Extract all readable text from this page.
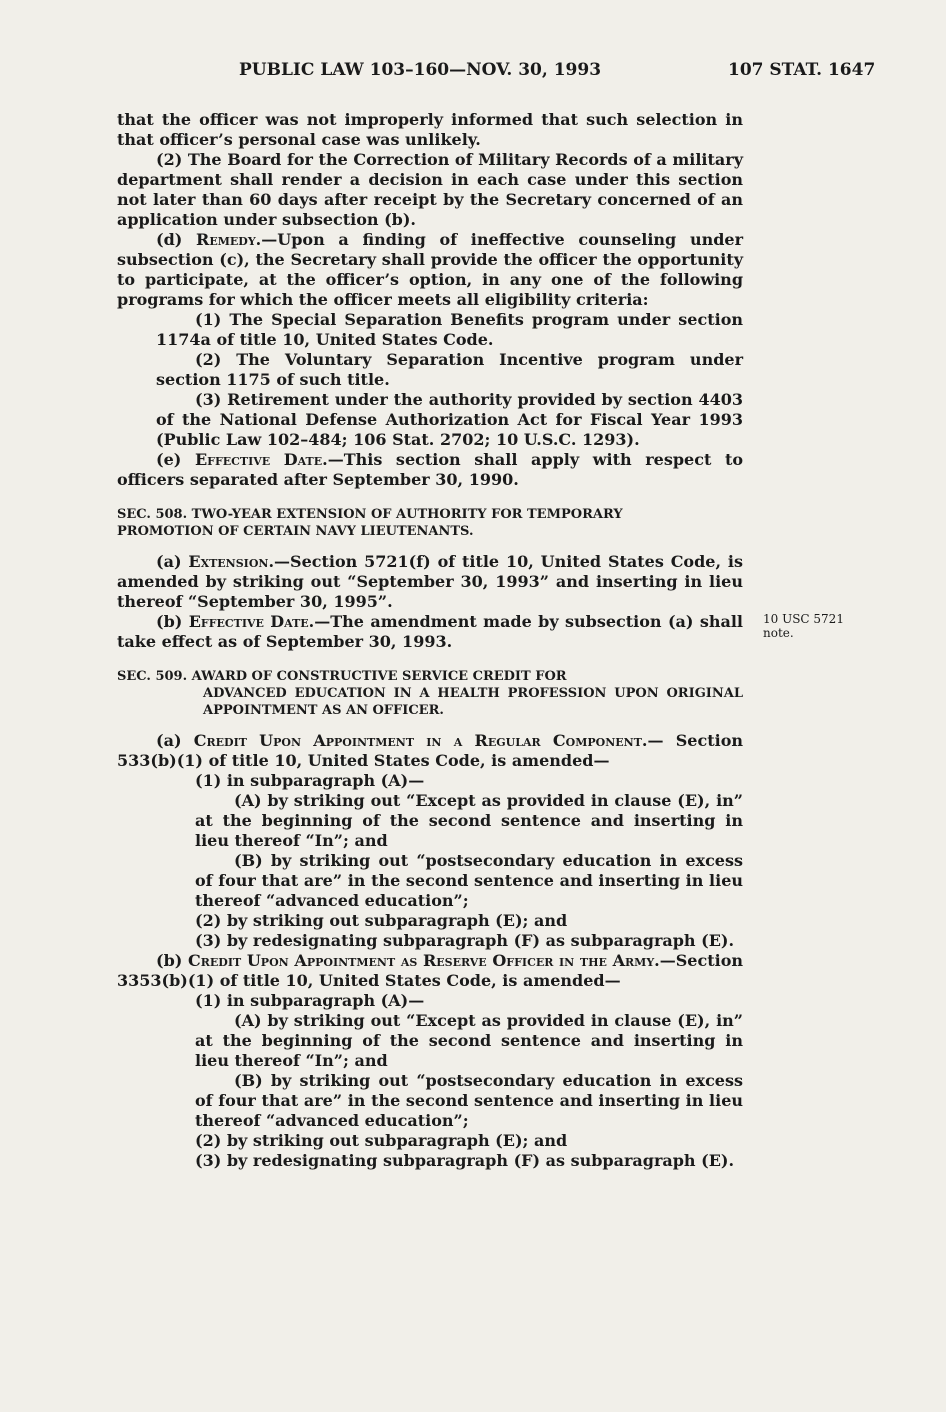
PUBLIC LAW 103–160—NOV. 30, 1993	107 STAT. 1647
10 USC 5721
note.

that the officer was not improperly informed that such selection in that officer’s personal case was unlikely.

(2) The Board for the Correction of Military Records of a military department shall render a decision in each case under this section not later than 60 days after receipt by the Secretary concerned of an application under subsection (b).

(d) Remedy.—Upon a finding of ineffective counseling under subsection (c), the Secretary shall provide the officer the opportunity to participate, at the officer’s option, in any one of the following programs for which the officer meets all eligibility criteria:

(1) The Special Separation Benefits program under section 1174a of title 10, United States Code.

(2) The Voluntary Separation Incentive program under section 1175 of such title.

(3) Retirement under the authority provided by section 4403 of the National Defense Authorization Act for Fiscal Year 1993 (Public Law 102–484; 106 Stat. 2702; 10 U.S.C. 1293).

(e) Effective Date.—This section shall apply with respect to officers separated after September 30, 1990.

SEC. 508. TWO-YEAR EXTENSION OF AUTHORITY FOR TEMPORARY
PROMOTION OF CERTAIN NAVY LIEUTENANTS.

(a) Extension.—Section 5721(f) of title 10, United States Code, is amended by striking out “September 30, 1993” and inserting in lieu thereof “September 30, 1995”.

(b) Effective Date.—The amendment made by subsection (a) shall take effect as of September 30, 1993.

SEC. 509. AWARD OF CONSTRUCTIVE SERVICE CREDIT FOR
ADVANCED EDUCATION IN A HEALTH PROFESSION UPON ORIGINAL APPOINTMENT AS AN OFFICER.

(a) Credit Upon Appointment in a Regular Component.— Section 533(b)(1) of title 10, United States Code, is amended—

(1) in subparagraph (A)—

(A) by striking out “Except as provided in clause (E), in” at the beginning of the second sentence and inserting in lieu thereof “In”; and

(B) by striking out “postsecondary education in excess of four that are” in the second sentence and inserting in lieu thereof “advanced education”;

(2) by striking out subparagraph (E); and

(3) by redesignating subparagraph (F) as subparagraph (E).

(b) Credit Upon Appointment as Reserve Officer in the Army.—Section 3353(b)(1) of title 10, United States Code, is amended—

(1) in subparagraph (A)—

(A) by striking out “Except as provided in clause (E), in” at the beginning of the second sentence and inserting in lieu thereof “In”; and

(B) by striking out “postsecondary education in excess of four that are” in the second sentence and inserting in lieu thereof “advanced education”;

(2) by striking out subparagraph (E); and

(3) by redesignating subparagraph (F) as subparagraph (E).
